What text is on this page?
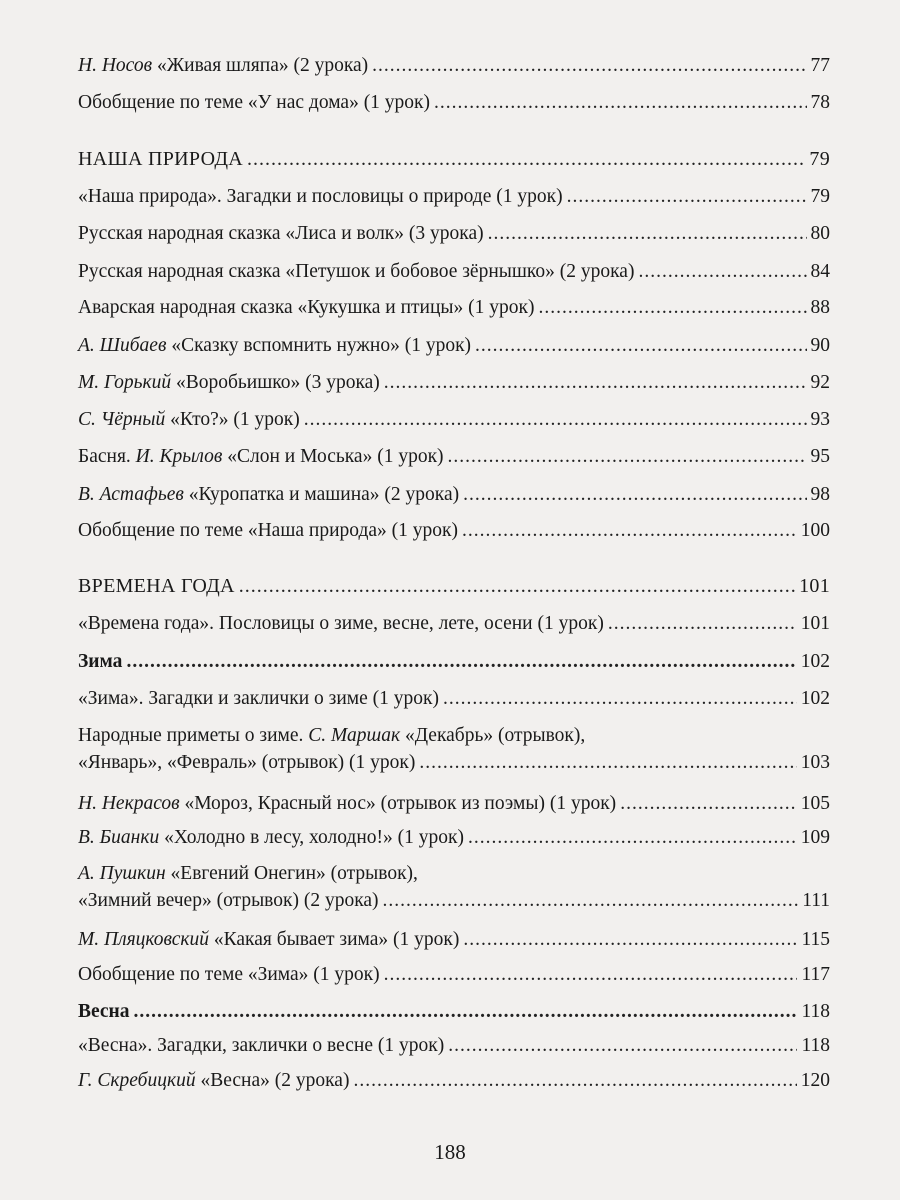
Н. Носов «Живая шляпа» (2 урока) .....	77
Обобщение по теме «У нас дома» (1 урок) .....	78
НАША ПРИРОДА .....	79
«Наша природа». Загадки и пословицы о природе (1 урок) .....	79
Русская народная сказка «Лиса и волк» (3 урока) .....	80
Русская народная сказка «Петушок и бобовое зёрнышко» (2 урока) .....	84
Аварская народная сказка «Кукушка и птицы» (1 урок) .....	88
А. Шибаев «Сказку вспомнить нужно» (1 урок) .....	90
М. Горький «Воробьишко» (3 урока) .....	92
С. Чёрный «Кто?» (1 урок) .....	93
Басня. И. Крылов «Слон и Моська» (1 урок) .....	95
В. Астафьев «Куропатка и машина» (2 урока) .....	98
Обобщение по теме «Наша природа» (1 урок) .....	100
ВРЕМЕНА ГОДА .....	101
«Времена года». Пословицы о зиме, весне, лете, осени (1 урок) .....	101
Зима .....	102
«Зима». Загадки и заклички о зиме (1 урок) .....	102
Народные приметы о зиме. С. Маршак «Декабрь» (отрывок),
«Январь», «Февраль» (отрывок) (1 урок) .....	103
Н. Некрасов «Мороз, Красный нос» (отрывок из поэмы) (1 урок) .....	105
В. Бианки «Холодно в лесу, холодно!» (1 урок) .....	109
А. Пушкин «Евгений Онегин» (отрывок),
«Зимний вечер» (отрывок) (2 урока) .....	111
М. Пляцковский «Какая бывает зима» (1 урок) .....	115
Обобщение по теме «Зима» (1 урок) .....	117
Весна .....	118
«Весна». Загадки, заклички о весне (1 урок) .....	118
Г. Скребицкий «Весна» (2 урока) .....	120
188
